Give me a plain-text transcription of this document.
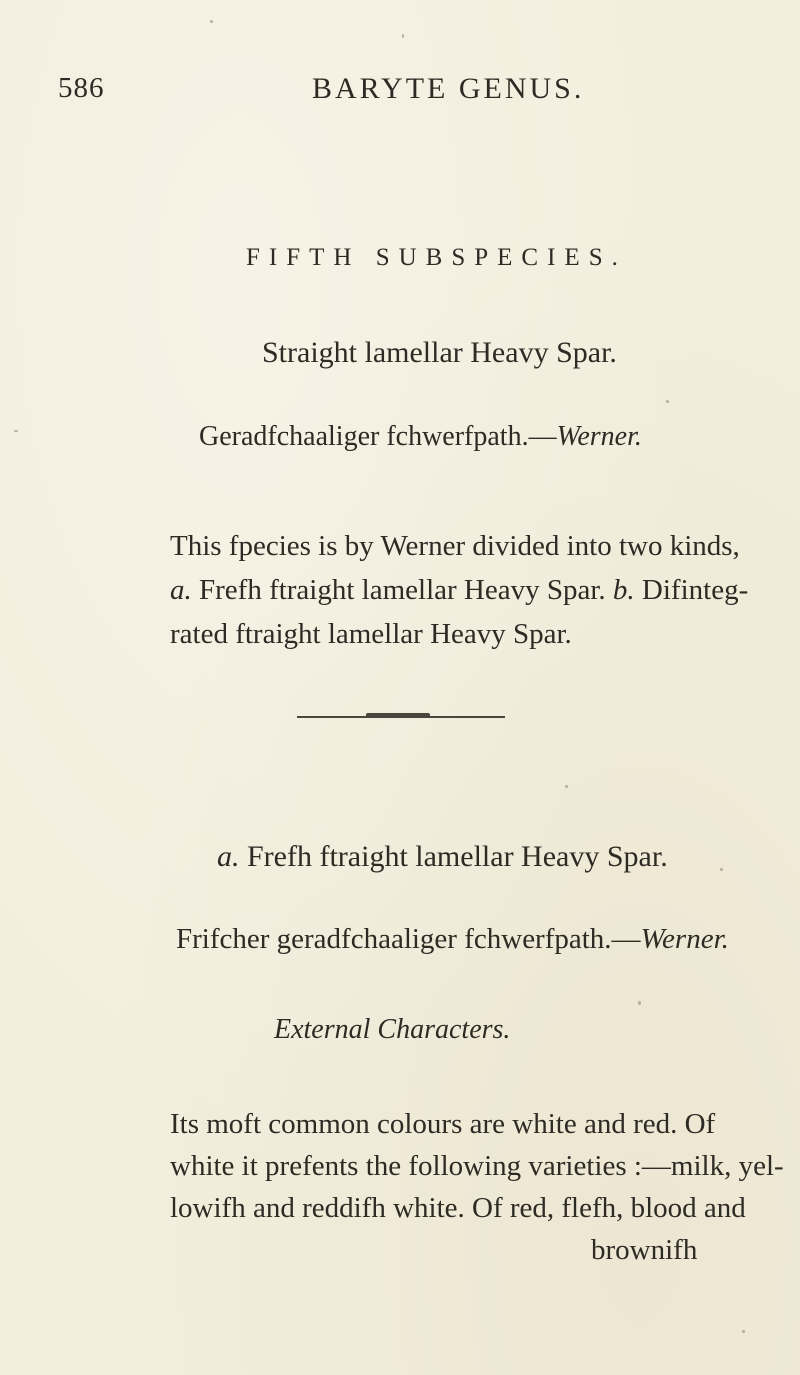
586	BARYTE GENUS.
FIFTH SUBSPECIES.
Straight lamellar Heavy Spar.
Geradfchaaliger fchwerfpath.—Werner.
This fpecies is by Werner divided into two kinds,
a. Frefh ftraight lamellar Heavy Spar. b. Difinteg-
rated ftraight lamellar Heavy Spar.
a. Frefh ftraight lamellar Heavy Spar.
Frifcher geradfchaaliger fchwerfpath.—Werner.
External Characters.
Its moft common colours are white and red. Of
white it prefents the following varieties :—milk, yel-
lowifh and reddifh white. Of red, flefh, blood and
brownifh
